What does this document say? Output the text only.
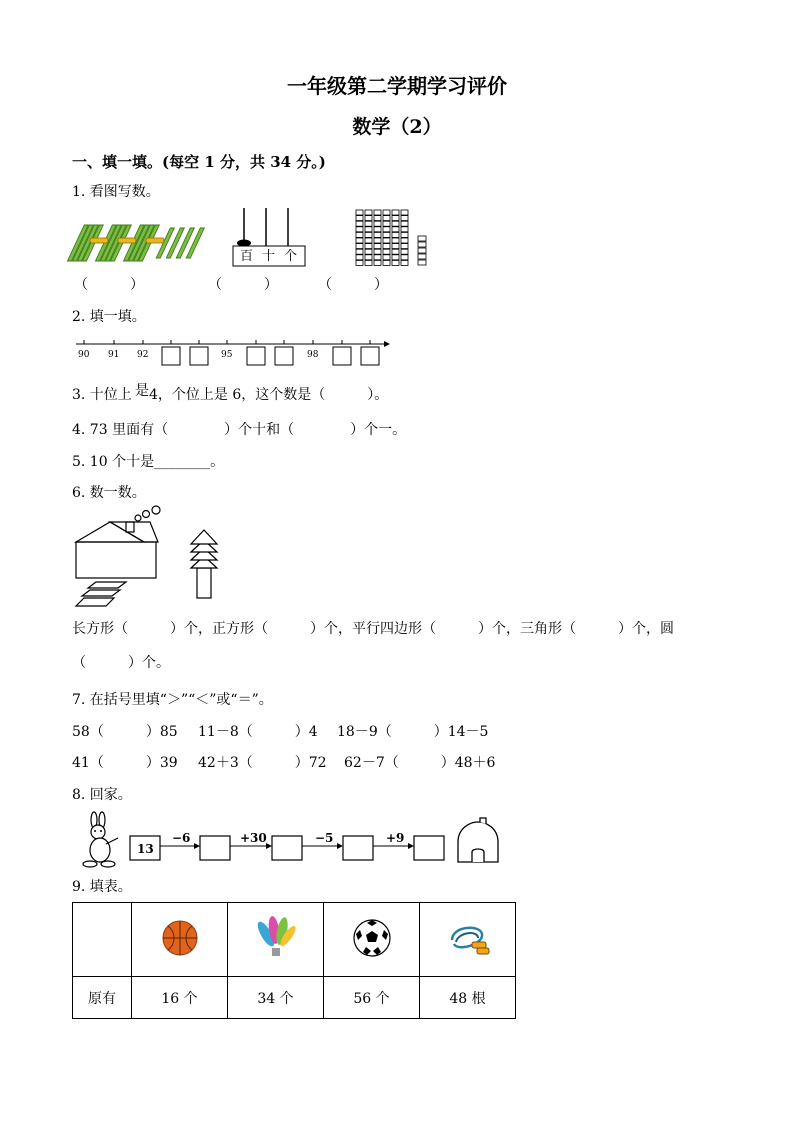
一年级第二学期学习评价
数学（2）
一、填一填。(每空 1 分，共 34 分。)
1. 看图写数。
百 十 个
（　　　）	（　　　）	（　　　）
2. 填一填。
90 91 92	95	98
3. 十位上 是 4，个位上是 6，这个数是（　　　）。
4. 73 里面有（　　　　）个十和（　　　　）个一。
5. 10 个十是________。
6. 数一数。
长方形（　　　）个，正方形（　　　）个，平行四边形（　　　）个，三角形（　　　）个，圆
（　　　）个。
7. 在括号里填“＞”“＜”或“＝”。
58（　　　）85 11－8（　　　）4 18－9（　　　）14－5
41（　　　）39 42＋3（　　　）72 62－7（　　　）48＋6
8. 回家。
13
−6	+30	−5	+9
9. 填表。

原有	16 个	34 个	56 个	48 根
